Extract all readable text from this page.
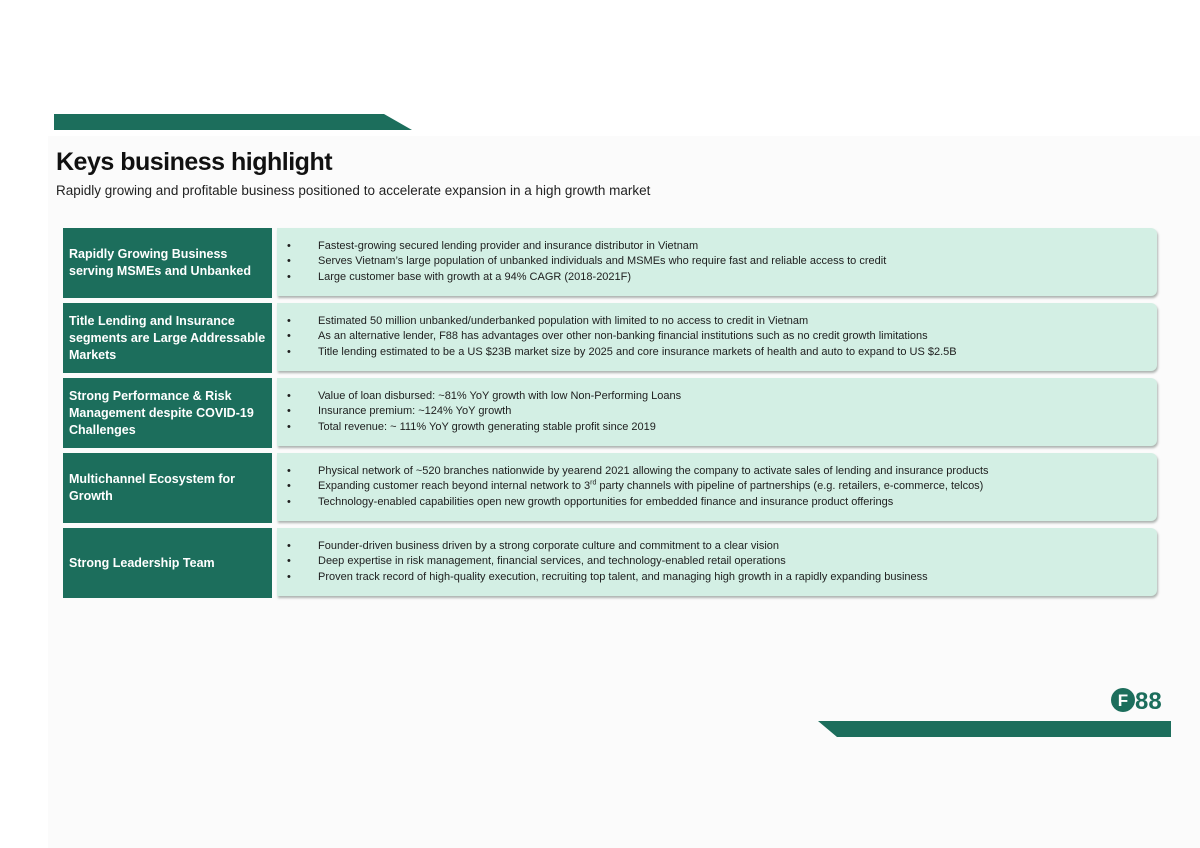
Keys business highlight

Rapidly growing and profitable business positioned to accelerate expansion in a high growth market

Rapidly Growing Business serving MSMEs and Unbanked
•	Fastest-growing secured lending provider and insurance distributor in Vietnam
•	Serves Vietnam’s large population of unbanked individuals and MSMEs who require fast and reliable access to credit
•	Large customer base with growth at a 94% CAGR (2018-2021F)
Title Lending and Insurance segments are Large Addressable Markets
•	Estimated 50 million unbanked/underbanked population with limited to no access to credit in Vietnam
•	As an alternative lender, F88 has advantages over other non-banking financial institutions such as no credit growth limitations
•	Title lending estimated to be a US $23B market size by 2025 and core insurance markets of health and auto to expand to US $2.5B
Strong Performance & Risk Management despite COVID-19 Challenges
•	Value of loan disbursed: ~81% YoY growth with low Non-Performing Loans
•	Insurance premium: ~124% YoY growth
•	Total revenue: ~ 111% YoY growth generating stable profit since 2019
Multichannel Ecosystem for Growth
•	Physical network of ~520 branches nationwide by yearend 2021 allowing the company to activate sales of lending and insurance products
•	Expanding customer reach beyond internal network to 3rd party channels with pipeline of partnerships (e.g. retailers, e-commerce, telcos)
•	Technology-enabled capabilities open new growth opportunities for embedded finance and insurance product offerings
Strong Leadership Team
•	Founder-driven business driven by a strong corporate culture and commitment to a clear vision
•	Deep expertise in risk management, financial services, and technology-enabled retail operations
•	Proven track record of high-quality execution, recruiting top talent, and managing high growth in a rapidly expanding business
F 88
